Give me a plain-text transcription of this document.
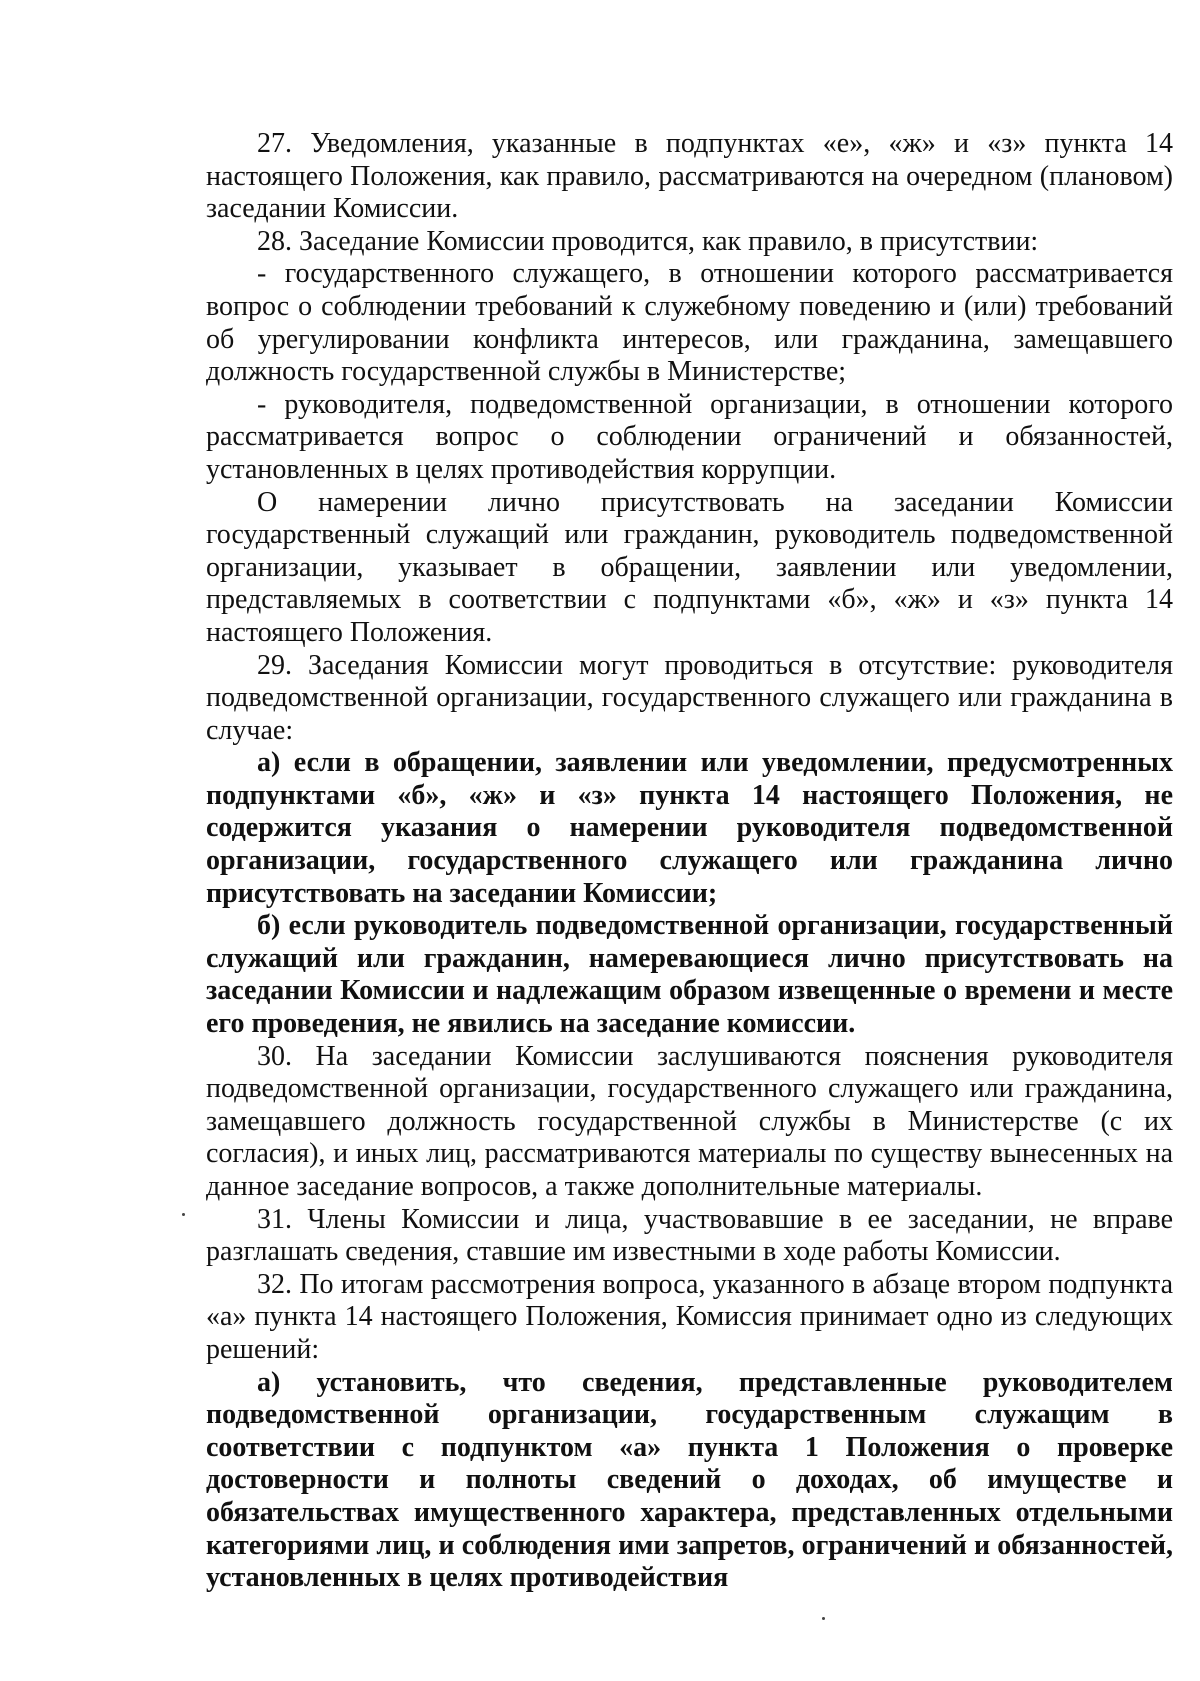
27. Уведомления, указанные в подпунктах «е», «ж» и «з» пункта 14 настоящего Положения, как правило, рассматриваются на очередном (плановом) заседании Комиссии.

28. Заседание Комиссии проводится, как правило, в присутствии:

- государственного служащего, в отношении которого рассматривается вопрос о соблюдении требований к служебному поведению и (или) требований об урегулировании конфликта интересов, или гражданина, замещавшего должность государственной службы в Министерстве;

- руководителя, подведомственной организации, в отношении которого рассматривается вопрос о соблюдении ограничений и обязанностей, установленных в целях противодействия коррупции.

О намерении лично присутствовать на заседании Комиссии государственный служащий или гражданин, руководитель подведомственной организации, указывает в обращении, заявлении или уведомлении, представляемых в соответствии с подпунктами «б», «ж» и «з» пункта 14 настоящего Положения.

29. Заседания Комиссии могут проводиться в отсутствие: руководителя подведомственной организации, государственного служащего или гражданина в случае:

а) если в обращении, заявлении или уведомлении, предусмотренных подпунктами «б», «ж» и «з» пункта 14 настоящего Положения, не содержится указания о намерении руководителя подведомственной организации, государственного служащего или гражданина лично присутствовать на заседании Комиссии;

б) если руководитель подведомственной организации, государственный служащий или гражданин, намеревающиеся лично присутствовать на заседании Комиссии и надлежащим образом извещенные о времени и месте его проведения, не явились на заседание комиссии.

30. На заседании Комиссии заслушиваются пояснения руководителя подведомственной организации, государственного служащего или гражданина, замещавшего должность государственной службы в Министерстве (с их согласия), и иных лиц, рассматриваются материалы по существу вынесенных на данное заседание вопросов, а также дополнительные материалы.

31. Члены Комиссии и лица, участвовавшие в ее заседании, не вправе разглашать сведения, ставшие им известными в ходе работы Комиссии.

32. По итогам рассмотрения вопроса, указанного в абзаце втором подпункта «а» пункта 14 настоящего Положения, Комиссия принимает одно из следующих решений:

а) установить, что сведения, представленные руководителем подведомственной организации, государственным служащим в соответствии с подпунктом «а» пункта 1 Положения о проверке достоверности и полноты сведений о доходах, об имуществе и обязательствах имущественного характера, представленных отдельными категориями лиц, и соблюдения ими запретов, ограничений и обязанностей, установленных в целях противодействия
